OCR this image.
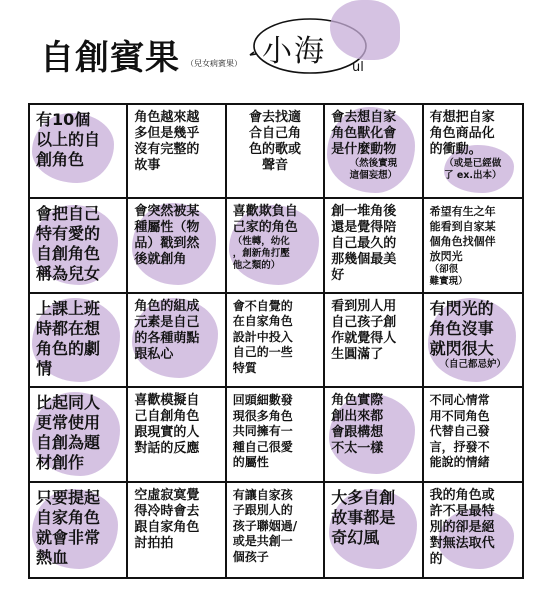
自創賓果 （兒女病賓果） 小海 ul
有10個
以上的自
創角色
角色越來越
多但是幾乎
沒有完整的
故事
會去找適
合自己角
色的歌或
聲音
會去想自家
角色獸化會
是什麼動物
（然後實現
這個妄想）
有想把自家
角色商品化
的衝動。
（或是已經做
了 ex.出本）
會把自己
特有愛的
自創角色
稱為兒女
會突然被某
種屬性（物
品）戳到然
後就創角
喜歡欺負自
己家的角色
（性轉，幼化
，創新角打壓
他之類的）
創一堆角後
還是覺得陪
自己最久的
那幾個最美
好
希望有生之年
能看到自家某
個角色找個伴
放閃光
（卻很
難實現）
上課上班
時都在想
角色的劇
情
角色的組成
元素是自己
的各種萌點
跟私心
會不自覺的
在自家角色
設計中投入
自己的一些
特質
看到別人用
自己孩子創
作就覺得人
生圓滿了
有閃光的
角色沒事
就閃很大
（自己都忌妒）
比起同人
更常使用
自創為題
材創作
喜歡模擬自
己自創角色
跟現實的人
對話的反應
回頭細數發
現很多角色
共同擁有一
種自己很愛
的屬性
角色實際
創出來都
會跟構想
不太一樣
不同心情常
用不同角色
代替自己發
言，抒發不
能說的情緒
只要提起
自家角色
就會非常
熱血
空虛寂寞覺
得冷時會去
跟自家角色
討拍拍
有讓自家孩
子跟別人的
孩子聯姻過/
或是共創一
個孩子
大多自創
故事都是
奇幻風
我的角色或
許不是最特
別的卻是絕
對無法取代
的
